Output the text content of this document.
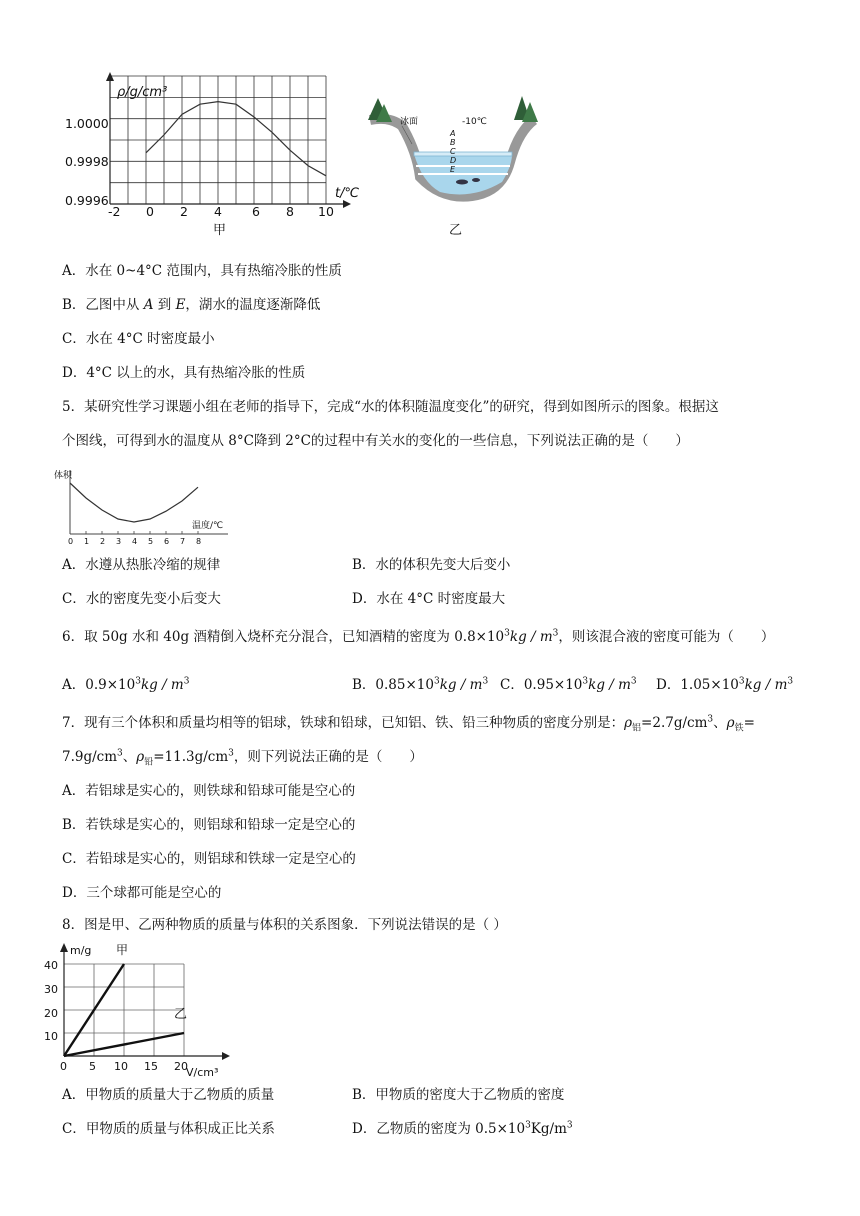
ρ/g/cm³
t/℃
1.0000
0.9998
0.9996
-2 0 2 4 6 8 10
甲
冰面	-10℃
A
B
C
D
E
乙
A．水在 0~4°C 范围内，具有热缩冷胀的性质
B．乙图中从 A 到 E，湖水的温度逐渐降低
C．水在 4°C 时密度最小
D．4°C 以上的水，具有热缩冷胀的性质
5．某研究性学习课题小组在老师的指导下，完成“水的体积随温度变化”的研究，得到如图所示的图象。根据这
个图线，可得到水的温度从 8°C降到 2°C的过程中有关水的变化的一些信息，下列说法正确的是（　　）
体积
温度/℃
0 1 2 3 4 5 6 7 8
A．水遵从热胀冷缩的规律	B．水的体积先变大后变小
C．水的密度先变小后变大	D．水在 4°C 时密度最大
6．取 50g 水和 40g 酒精倒入烧杯充分混合，已知酒精的密度为 $0.8\times 10^3kg / m^3$，则该混合液的密度可能为（　　）
A．$0.9\times 10^3kg / m^3$	B．$0.85\times 10^3kg / m^3$ C．$0.95\times 10^3kg / m^3$ D．$1.05\times 10^3kg / m^3$
7．现有三个体积和质量均相等的铝球，铁球和铅球，已知铝、铁、铅三种物质的密度分别是：$\rho_铝=2.7g/cm^3$、$\rho_铁=$
$7.9g/cm^3$、$\rho_铅=11.3g/cm^3$，则下列说法正确的是（　　）
A．若铝球是实心的，则铁球和铅球可能是空心的
B．若铁球是实心的，则铝球和铅球一定是空心的
C．若铅球是实心的，则铝球和铁球一定是空心的
D．三个球都可能是空心的
8．图是甲、乙两种物质的质量与体积的关系图象．下列说法错误的是（ ）
m/g 甲
乙
40
30
20
10
0 5 10 15 20
V/cm³
A．甲物质的质量大于乙物质的质量	B．甲物质的密度大于乙物质的密度
C．甲物质的质量与体积成正比关系	D．乙物质的密度为 $0.5\times 10^3Kg/m^3$
